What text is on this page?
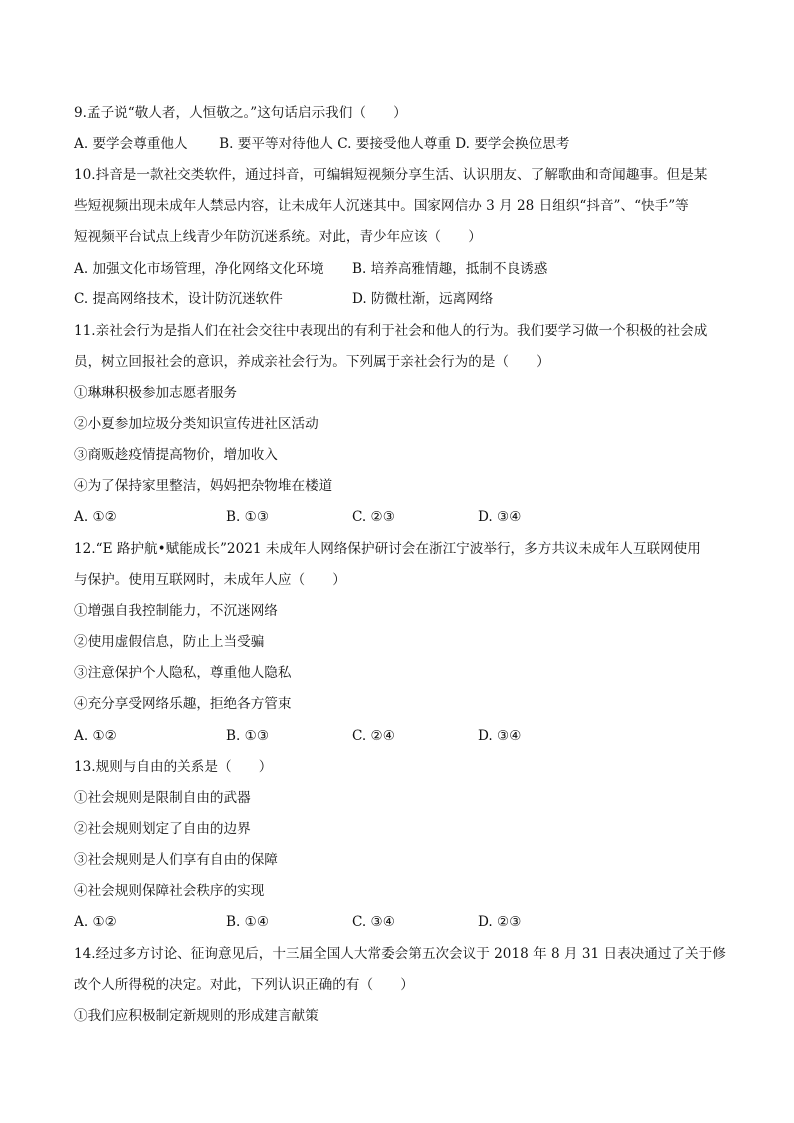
9.孟子说“敬人者，人恒敬之。”这句话启示我们（　　）
A. 要学会尊重他人　　 B. 要平等对待他人 C. 要接受他人尊重 D. 要学会换位思考
10.抖音是一款社交类软件，通过抖音，可编辑短视频分享生活、认识朋友、了解歌曲和奇闻趣事。但是某
些短视频出现未成年人禁忌内容，让未成年人沉迷其中。国家网信办 3 月 28 日组织“抖音”、“快手”等
短视频平台试点上线青少年防沉迷系统。对此，青少年应该（　　）
A. 加强文化市场管理，净化网络文化环境 B. 培养高雅情趣，抵制不良诱惑
C. 提高网络技术，设计防沉迷软件	D. 防微杜渐，远离网络
11.亲社会行为是指人们在社会交往中表现出的有利于社会和他人的行为。我们要学习做一个积极的社会成
员，树立回报社会的意识，养成亲社会行为。下列属于亲社会行为的是（　　）
①琳琳积极参加志愿者服务
②小夏参加垃圾分类知识宣传进社区活动
③商贩趁疫情提高物价，增加收入
④为了保持家里整洁，妈妈把杂物堆在楼道
A. ①②	B. ①③	C. ②③	D. ③④
12.“E 路护航•赋能成长”2021 未成年人网络保护研讨会在浙江宁波举行，多方共议未成年人互联网使用
与保护。使用互联网时，未成年人应（　　）
①增强自我控制能力，不沉迷网络
②使用虚假信息，防止上当受骗
③注意保护个人隐私，尊重他人隐私
④充分享受网络乐趣，拒绝各方管束
A. ①②	B. ①③	C. ②④	D. ③④
13.规则与自由的关系是（　　）
①社会规则是限制自由的武器
②社会规则划定了自由的边界
③社会规则是人们享有自由的保障
④社会规则保障社会秩序的实现
A. ①②	B. ①④	C. ③④	D. ②③
14.经过多方讨论、征询意见后，十三届全国人大常委会第五次会议于 2018 年 8 月 31 日表决通过了关于修
改个人所得税的决定。对此，下列认识正确的有（　　）
①我们应积极制定新规则的形成建言献策
